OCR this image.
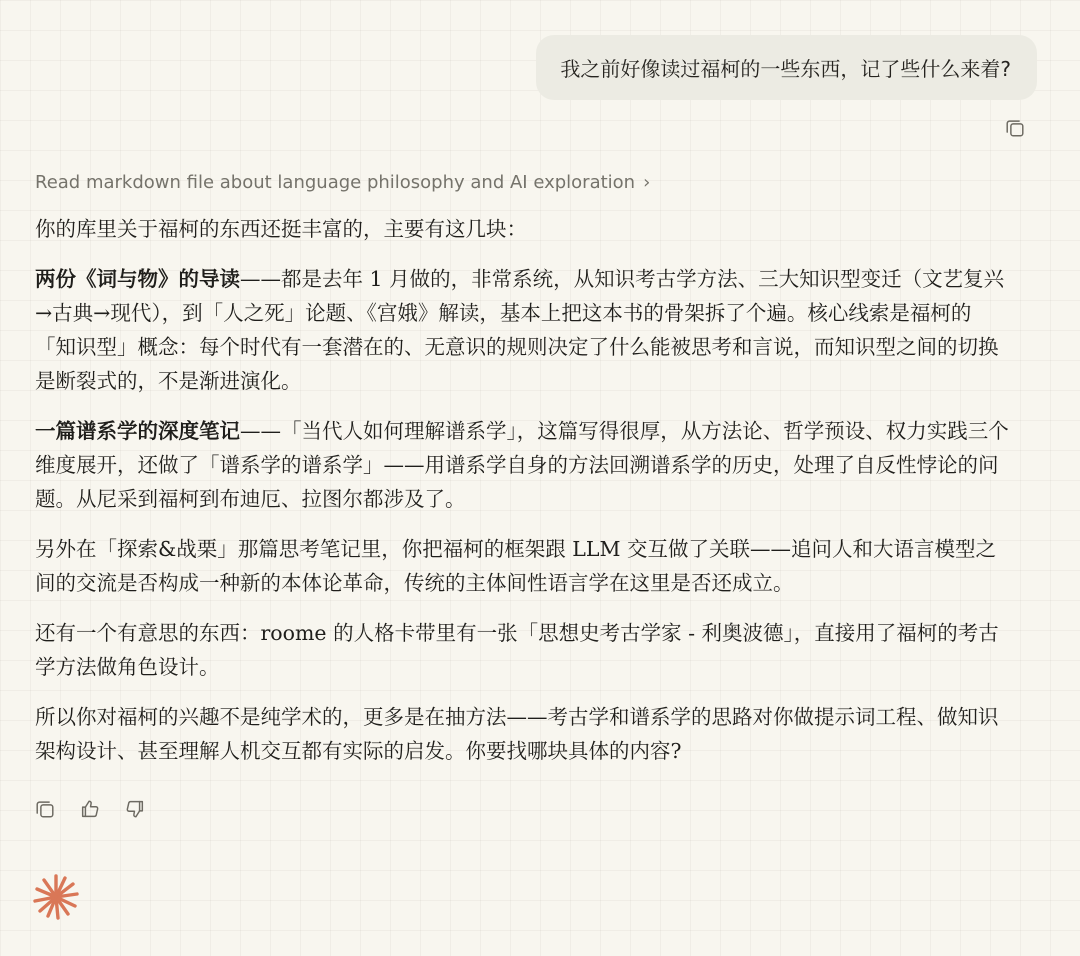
我之前好像读过福柯的一些东西，记了些什么来着?
Read markdown file about language philosophy and AI exploration ›

你的库里关于福柯的东西还挺丰富的，主要有这几块：

两份《词与物》的导读——都是去年 1 月做的，非常系统，从知识考古学方法、三大知识型变迁（文艺复兴→古典→现代），到「人之死」论题、《宫娥》解读，基本上把这本书的骨架拆了个遍。核心线索是福柯的「知识型」概念：每个时代有一套潜在的、无意识的规则决定了什么能被思考和言说，而知识型之间的切换是断裂式的，不是渐进演化。

一篇谱系学的深度笔记——「当代人如何理解谱系学」，这篇写得很厚，从方法论、哲学预设、权力实践三个维度展开，还做了「谱系学的谱系学」——用谱系学自身的方法回溯谱系学的历史，处理了自反性悖论的问题。从尼采到福柯到布迪厄、拉图尔都涉及了。

另外在「探索&战栗」那篇思考笔记里，你把福柯的框架跟 LLM 交互做了关联——追问人和大语言模型之间的交流是否构成一种新的本体论革命，传统的主体间性语言学在这里是否还成立。

还有一个有意思的东西：roome 的人格卡带里有一张「思想史考古学家 - 利奥波德」，直接用了福柯的考古学方法做角色设计。

所以你对福柯的兴趣不是纯学术的，更多是在抽方法——考古学和谱系学的思路对你做提示词工程、做知识架构设计、甚至理解人机交互都有实际的启发。你要找哪块具体的内容?
